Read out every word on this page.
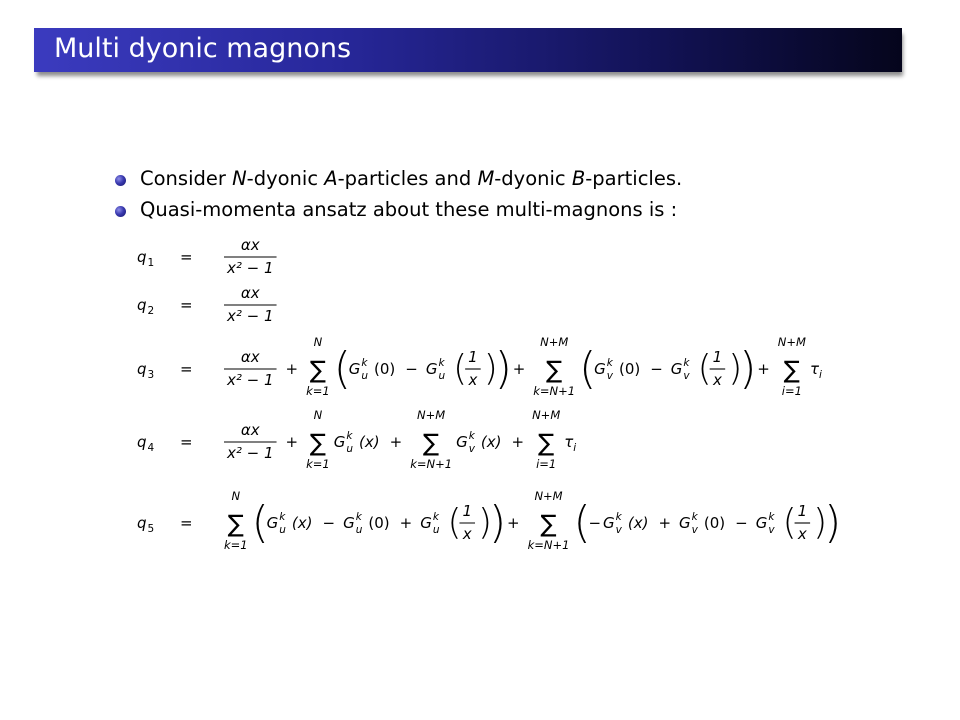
Multi dyonic magnons
Consider N-dyonic A-particles and M-dyonic B-particles.
Quasi-momenta ansatz about these multi-magnons is :
q 1 =
αx
x² − 1
q 2 =
αx
x² − 1
q 3 =
αx
x² − 1
+
N
∑
k=1 (
G k
u (0) − G k
u ( 1
x )
) +
N+M
∑
k=N+1 (
G k
v (0) − G k
v ( 1
x )
) +
N+M
∑
i=1
τ i
q 4 =
αx
x² − 1
+
N
∑
k=1
G k
u (x) +
N+M
∑
k=N+1
G k
v (x) +
N+M
∑
i=1
τ i
q 5 =
N
∑
k=1 (
G k
u (x) − G k
u (0) + G k
u ( 1
x )
) +
N+M
∑
k=N+1 (
− G k
v (x) + G k
v (0) − G k
v ( 1
x )
)
